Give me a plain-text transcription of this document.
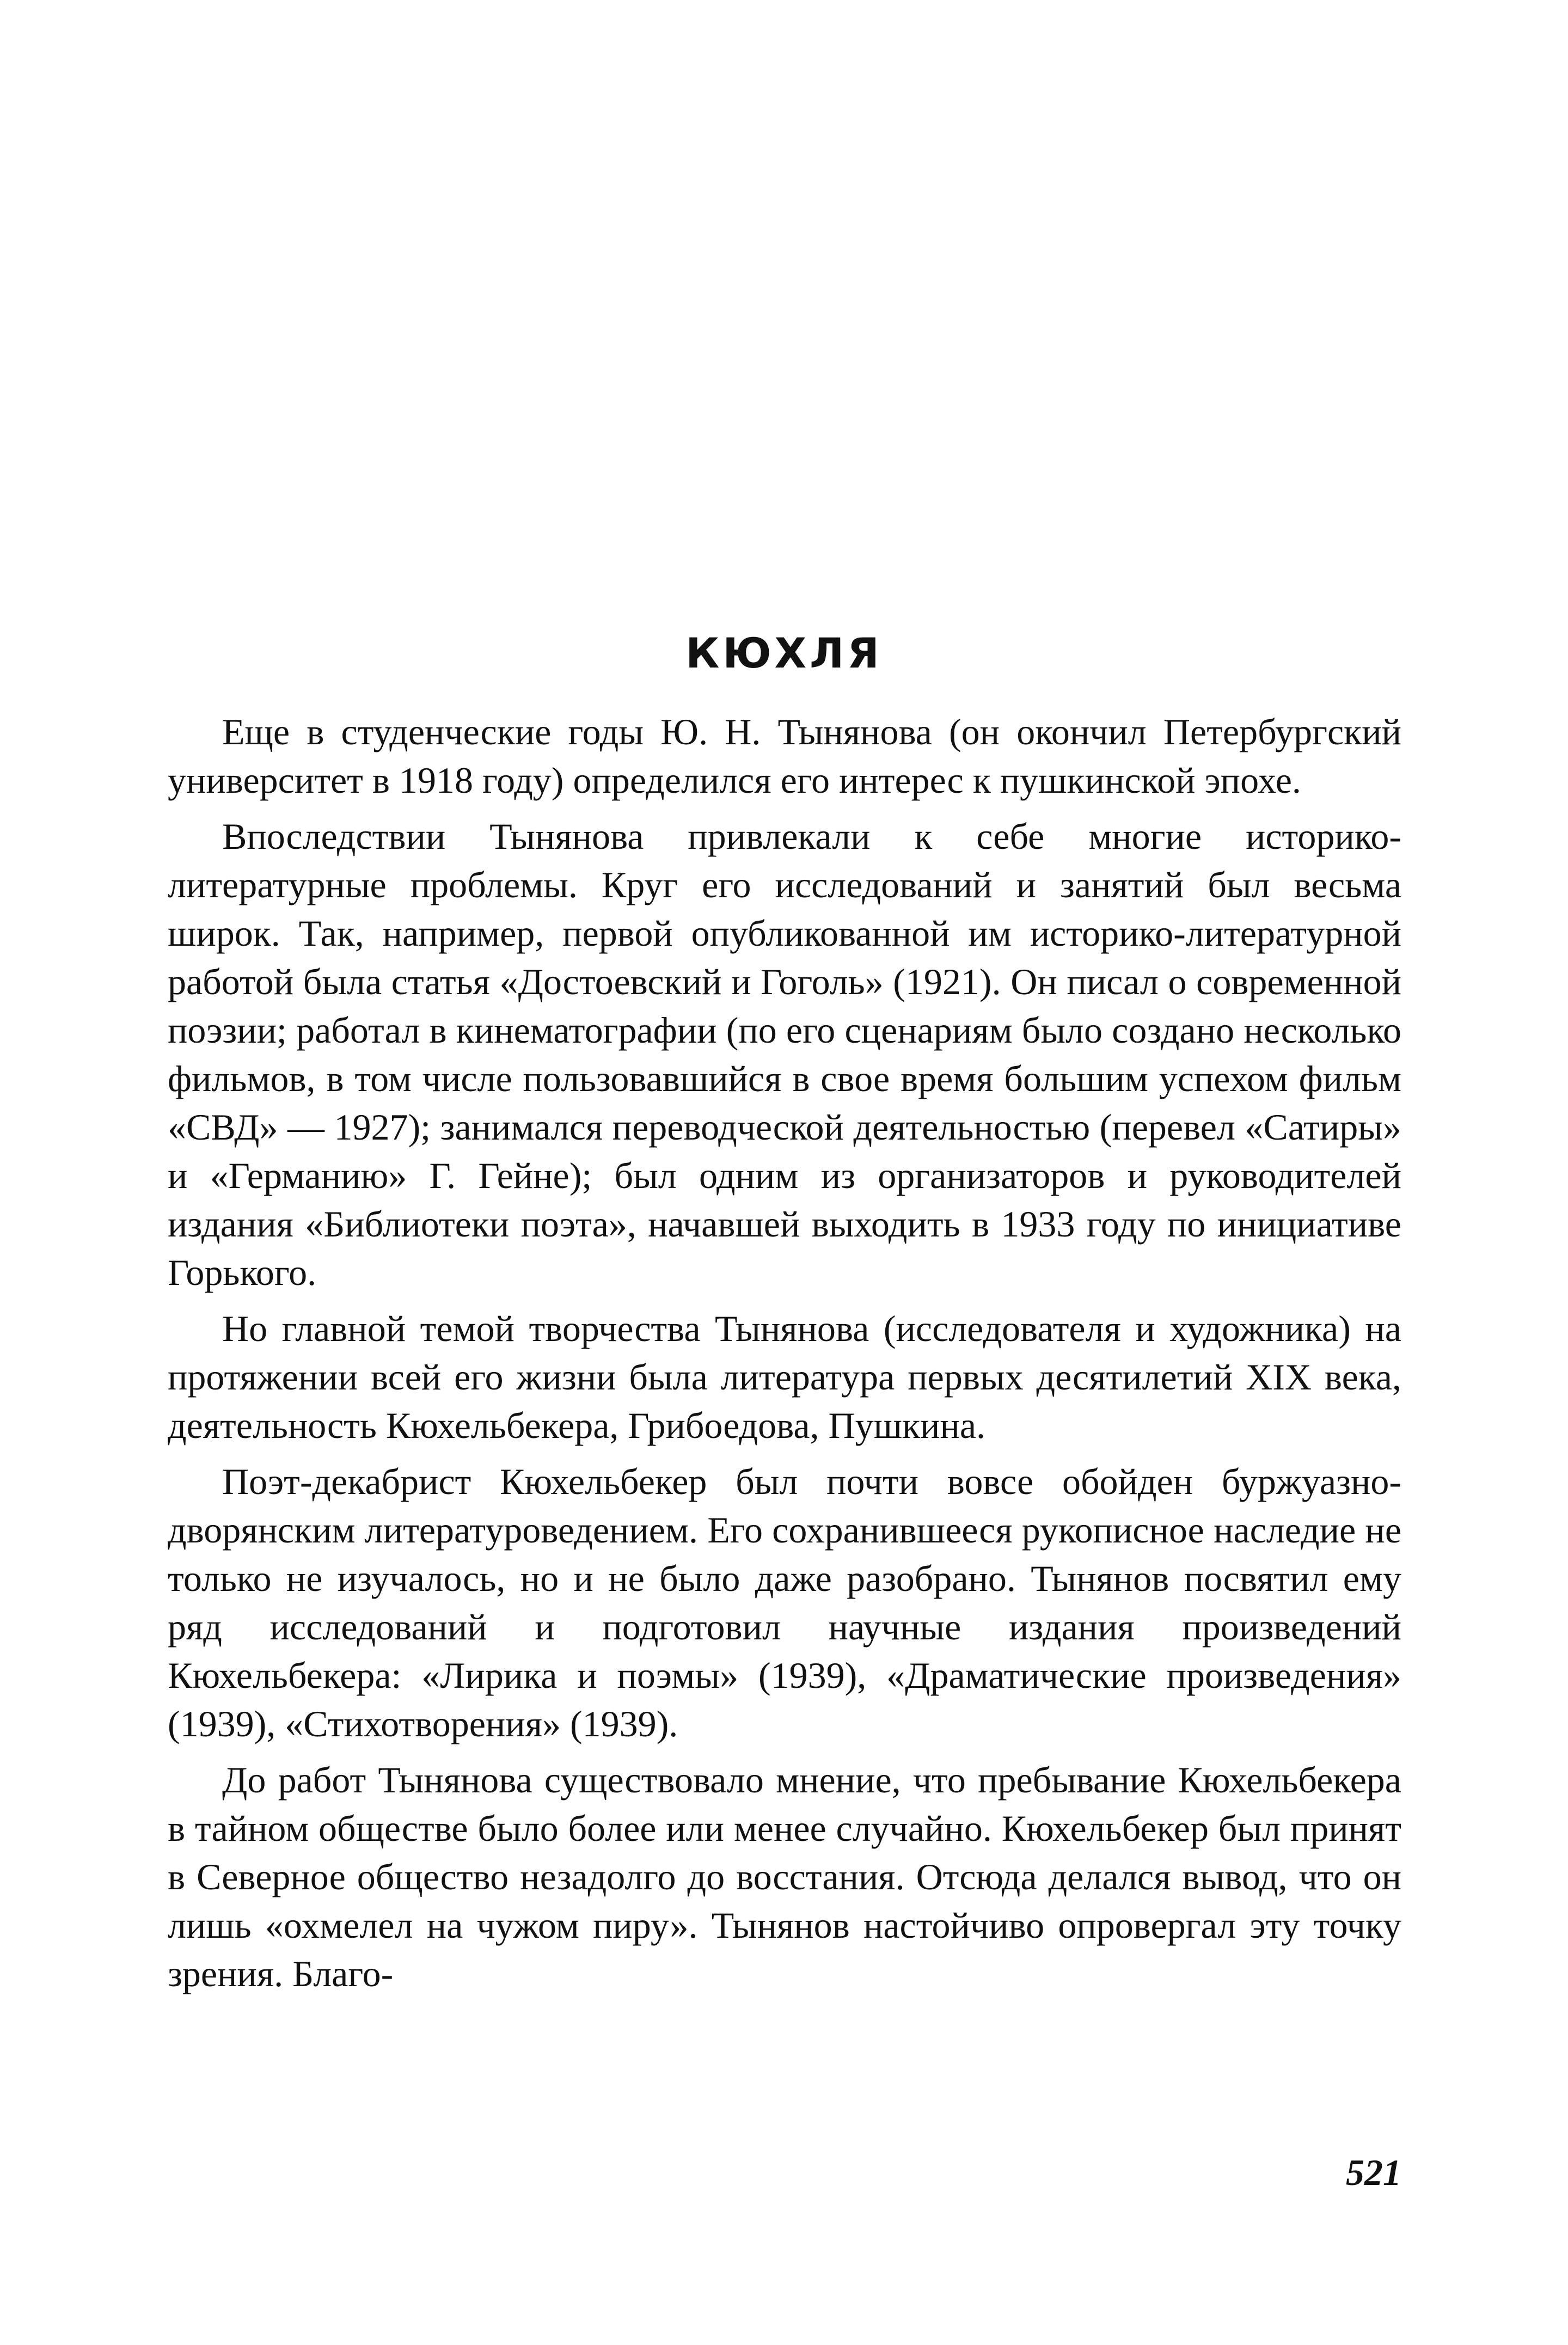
КЮХЛЯ

Еще в студенческие годы Ю. Н. Тынянова (он окончил Петербургский университет в 1918 году) определился его интерес к пушкинской эпохе.

Впоследствии Тынянова привлекали к себе многие историко-литературные проблемы. Круг его исследований и занятий был весьма широк. Так, например, первой опубликованной им историко-литературной работой была статья «Достоевский и Гоголь» (1921). Он писал о современной поэзии; работал в кинематографии (по его сценариям было создано несколько фильмов, в том числе пользовавшийся в свое время большим успехом фильм «СВД» — 1927); занимался переводческой деятельностью (перевел «Сатиры» и «Германию» Г. Гейне); был одним из организаторов и руководителей издания «Библиотеки поэта», начавшей выходить в 1933 году по инициативе Горького.

Но главной темой творчества Тынянова (исследователя и художника) на протяжении всей его жизни была литература первых десятилетий XIX века, деятельность Кюхельбекера, Грибоедова, Пушкина.

Поэт-декабрист Кюхельбекер был почти вовсе обойден буржуазно-дворянским литературоведением. Его сохранившееся рукописное наследие не только не изучалось, но и не было даже разобрано. Тынянов посвятил ему ряд исследований и подготовил научные издания произведений Кюхельбекера: «Лирика и поэмы» (1939), «Драматические произведения» (1939), «Стихотворения» (1939).

До работ Тынянова существовало мнение, что пребывание Кюхельбекера в тайном обществе было более или менее случайно. Кюхельбекер был принят в Северное общество незадолго до восстания. Отсюда делался вывод, что он лишь «охмелел на чужом пиру». Тынянов настойчиво опровергал эту точку зрения. Благо-

521
